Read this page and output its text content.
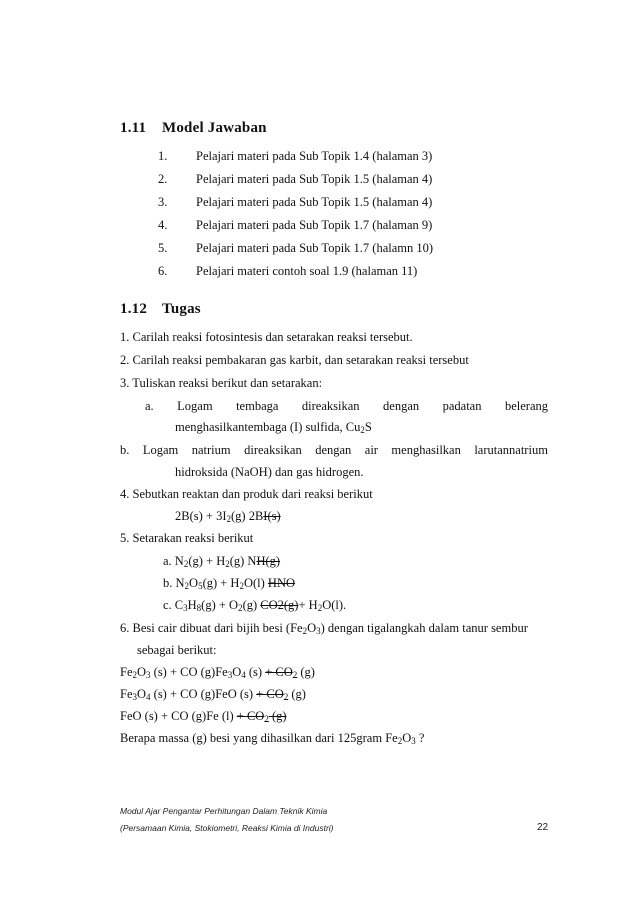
1.11 Model Jawaban
1. Pelajari materi pada Sub Topik 1.4 (halaman 3)
2. Pelajari materi pada Sub Topik 1.5 (halaman 4)
3. Pelajari materi pada Sub Topik 1.5 (halaman 4)
4. Pelajari materi pada Sub Topik 1.7 (halaman 9)
5. Pelajari materi pada Sub Topik 1.7 (halamn 10)
6. Pelajari materi contoh soal 1.9 (halaman 11)
1.12 Tugas
1. Carilah reaksi fotosintesis dan setarakan reaksi tersebut.
2. Carilah reaksi pembakaran gas karbit, dan setarakan reaksi tersebut
3. Tuliskan reaksi berikut dan setarakan:
a. Logam tembaga direaksikan dengan padatan belerang
menghasilkantembaga (I) sulfida, $Cu_2S$
b. Logam natrium direaksikan dengan air menghasilkan larutannatrium
hidroksida (NaOH) dan gas hidrogen.
4. Sebutkan reaktan dan produk dari reaksi berikut
$2B(s) + 3I_2(g)$ 2BI(s)
5. Setarakan reaksi berikut
a. $N_2(g) + H_2(g)$ NH(g)
b. $N_2O_5(g) + H_2O(l)$ HNO
c. $C_3H_8(g) + O_2(g)$ $CO2(g)+ H_2O(l)$.
6. Besi cair dibuat dari bijih besi $(Fe_2O_3)$ dengan tigalangkah dalam tanur sembur
sebagai berikut:
$Fe_2O_3$ (s) + CO $(g)Fe_3O_4$ $(s) + CO_2$ (g)
$Fe_3O_4$ (s) + CO (g)FeO $(s) + CO_2$ (g)
FeO (s) + CO (g)Fe $(l) + CO_2$ (g)
Berapa massa (g) besi yang dihasilkan dari 125gram $Fe_2O_3$ ?
Modul Ajar Pengantar Perhitungan Dalam Teknik Kimia
(Persamaan Kimia, Stokiometri, Reaksi Kimia di Industri)	22
